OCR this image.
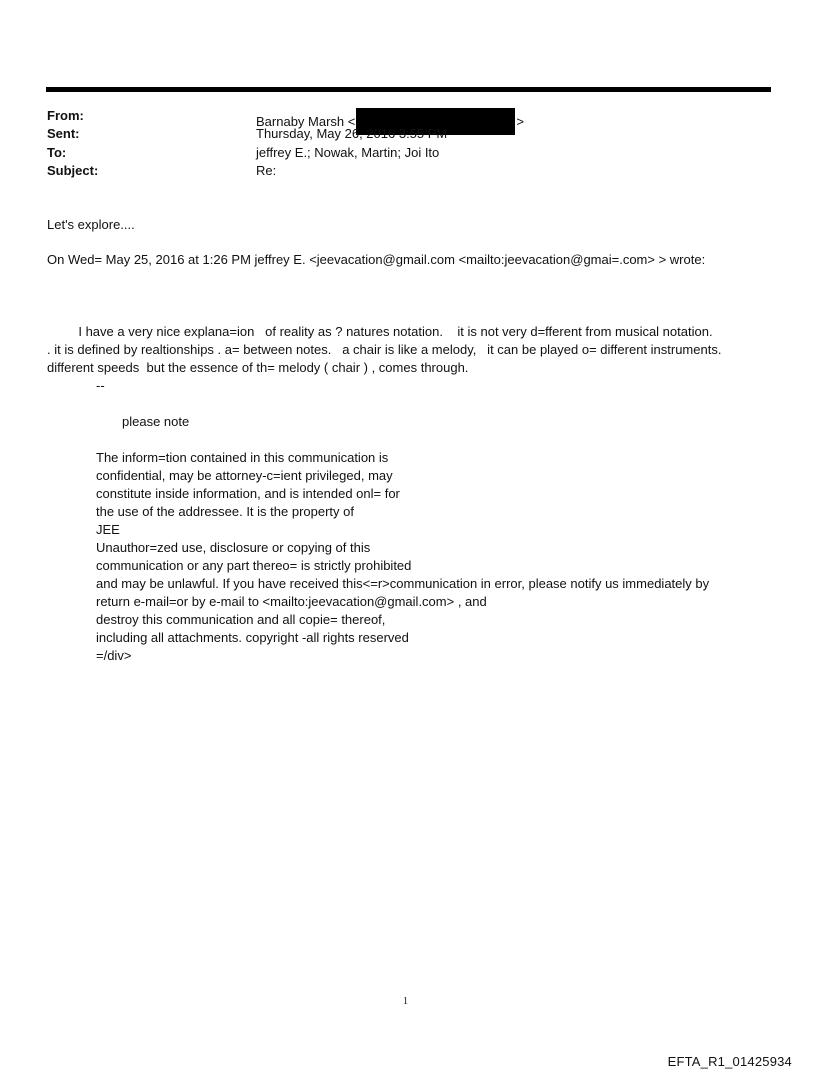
From:	Barnaby Marsh <	>
Sent:	Thursday, May 26, 2016 3:55 PM
To:	jeffrey E.; Nowak, Martin; Joi Ito
Subject:	Re:
Let's explore....
On Wed= May 25, 2016 at 1:26 PM jeffrey E. <jeevacation@gmail.com <mailto:jeevacation@gmai=.com> > wrote:
I have a very nice explana=ion   of reality as ? natures notation.    it is not very d=fferent from musical notation.
. it is defined by realtionships . a= between notes.   a chair is like a melody,   it can be played o= different instruments.
different speeds  but the essence of th= melody ( chair ) , comes through.
--
please note
The inform=tion contained in this communication is
confidential, may be attorney-c=ient privileged, may
constitute inside information, and is intended onl= for
the use of the addressee. It is the property of
JEE
Unauthor=zed use, disclosure or copying of this
communication or any part thereo= is strictly prohibited
and may be unlawful. If you have received this<=r>communication in error, please notify us immediately by
return e-mail=or by e-mail to <mailto:jeevacation@gmail.com> , and
destroy this communication and all copie= thereof,
including all attachments. copyright -all rights reserved
=/div>
1
EFTA_R1_01425934
